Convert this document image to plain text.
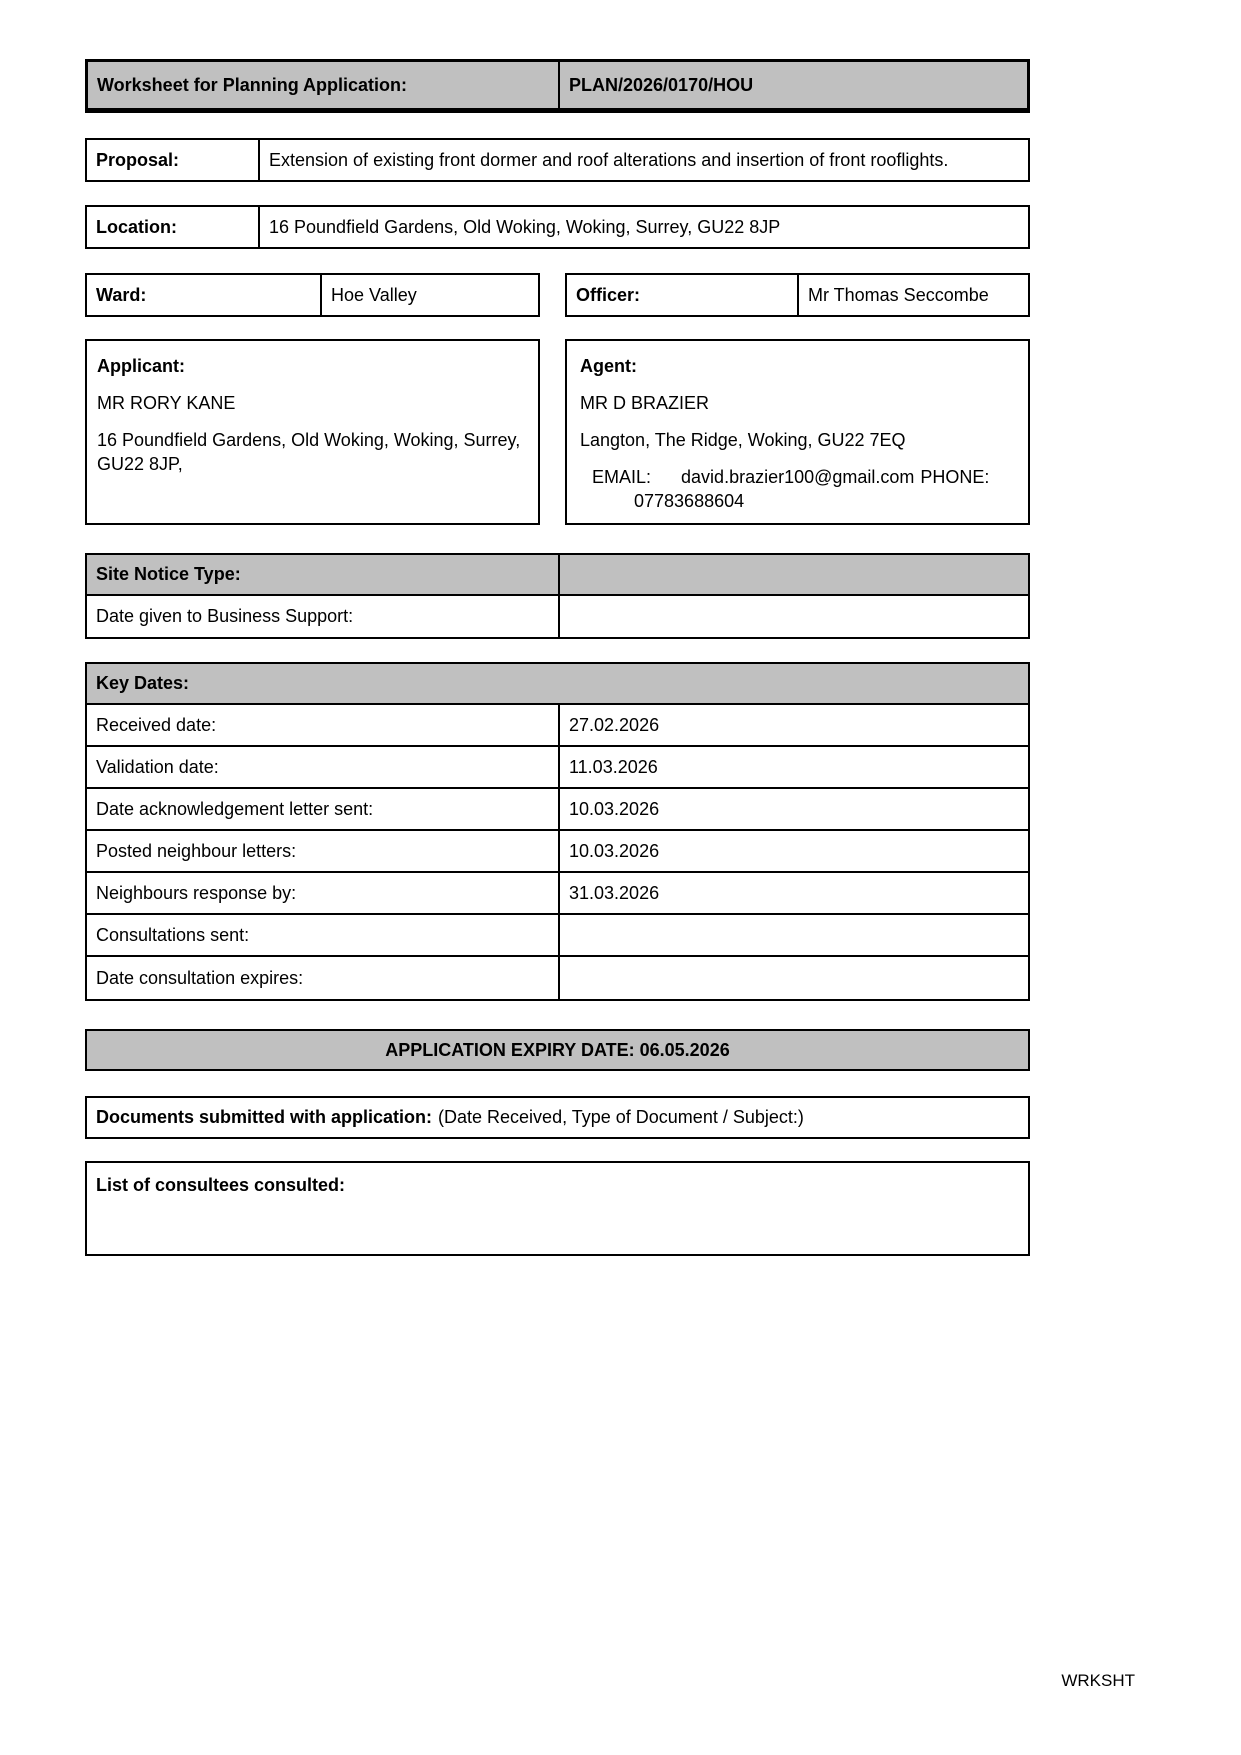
Worksheet for Planning Application:	PLAN/2026/0170/HOU
Proposal:	Extension of existing front dormer and roof alterations and insertion of front rooflights.
Location:	16 Poundfield Gardens, Old Woking, Woking, Surrey, GU22 8JP
Ward:	Hoe Valley	Officer:	Mr Thomas Seccombe

Applicant:

MR RORY KANE

16 Poundfield Gardens, Old Woking, Woking, Surrey, GU22 8JP,

Agent:

MR D BRAZIER

Langton, The Ridge, Woking, GU22 7EQ

EMAIL: david.brazier100@gmail.com PHONE:
07783688604

Site Notice Type:
Date given to Business Support:
Key Dates:
Received date:	27.02.2026
Validation date:	11.03.2026
Date acknowledgement letter sent:	10.03.2026
Posted neighbour letters:	10.03.2026
Neighbours response by:	31.03.2026
Consultations sent:
Date consultation expires:
APPLICATION EXPIRY DATE: 06.05.2026
Documents submitted with application: (Date Received, Type of Document / Subject:)
List of consultees consulted:
WRKSHT
